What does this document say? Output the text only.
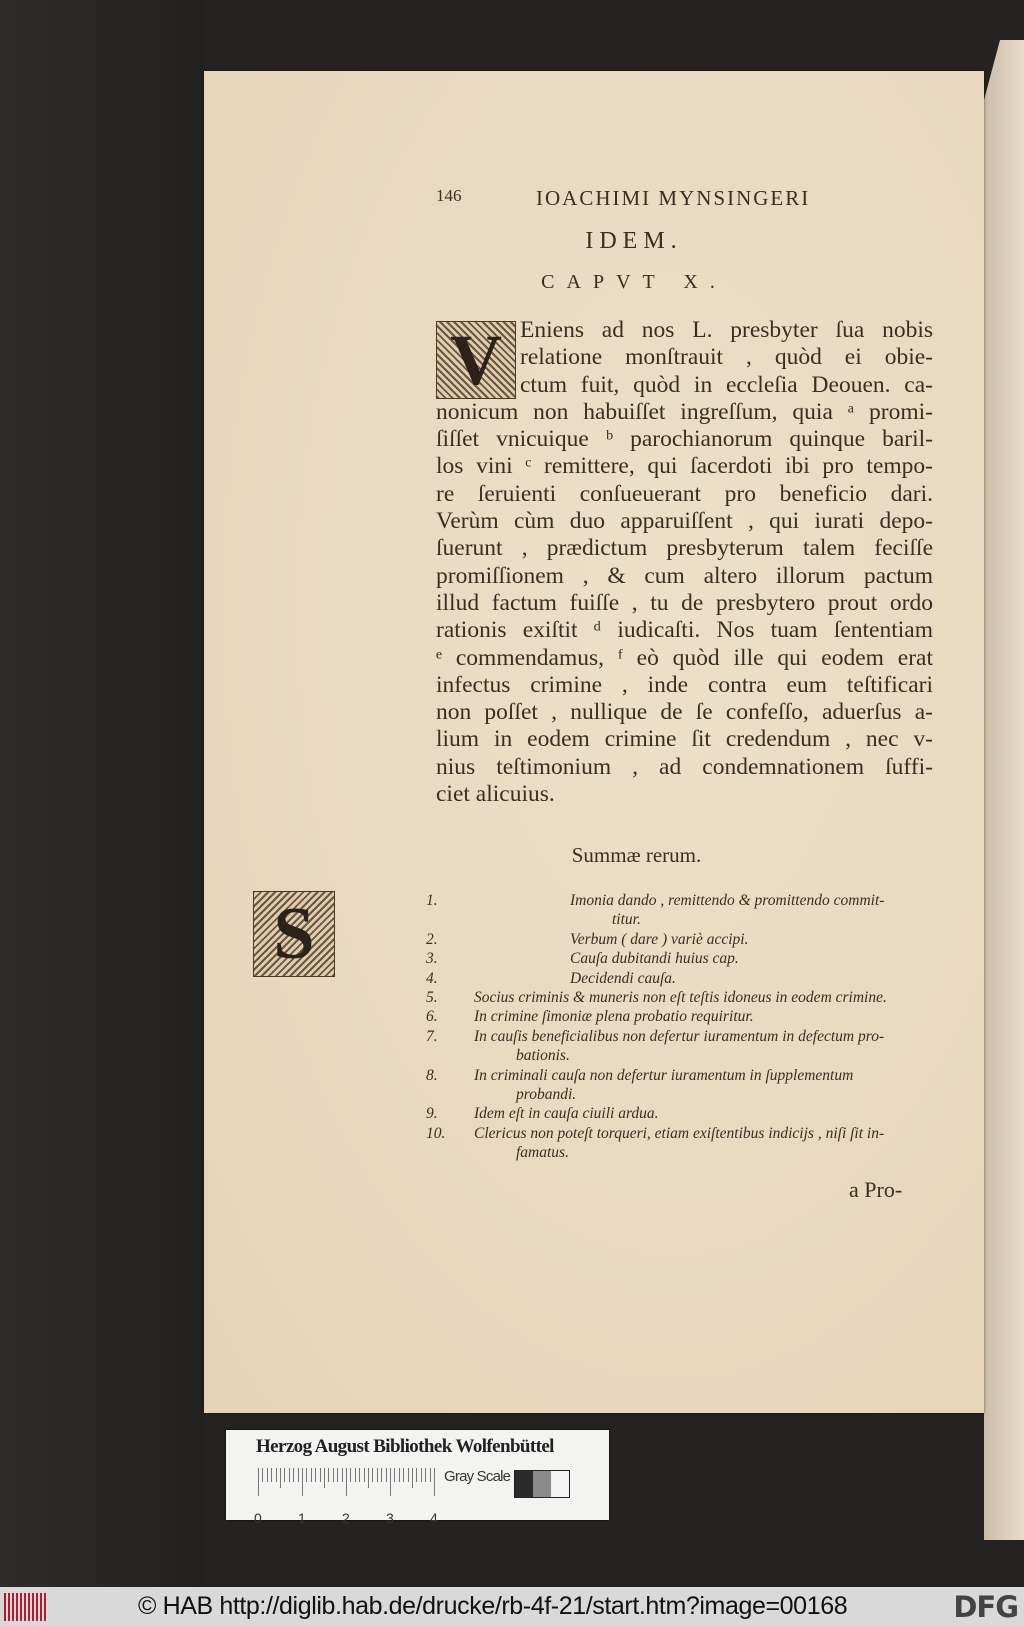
146	IOACHIMI MYNSINGERI
IDEM.
CAPVT X.
V Eniens ad nos L. presbyter ſua nobis
relatione monſtrauit , quòd ei obie-
ctum fuit, quòd in eccleſia Deouen. ca-
nonicum non habuiſſet ingreſſum, quia ᵃ promi-
ſiſſet vnicuique ᵇ parochianorum quinque baril-
los vini ᶜ remittere, qui ſacerdoti ibi pro tempo-
re ſeruienti conſueuerant pro beneficio dari.
Verùm cùm duo apparuiſſent , qui iurati depo-
ſuerunt , prædictum presbyterum talem feciſſe
promiſſionem , & cum altero illorum pactum
illud factum fuiſſe , tu de presbytero prout ordo
rationis exiſtit ᵈ iudicaſti. Nos tuam ſententiam
ᵉ commendamus, ᶠ eò quòd ille qui eodem erat
infectus crimine , inde contra eum teſtificari
non poſſet , nullique de ſe confeſſo, aduerſus a-
lium in eodem crimine ſit credendum , nec v-
nius teſtimonium , ad condemnationem ſuffi-
ciet alicuius.
Summæ rerum.
1.	Imonia dando , remittendo & promittendo commit-
titur.
2.	Verbum ( dare ) variè accipi.
3.	Cauſa dubitandi huius cap.
4.	Decidendi cauſa.
5.	Socius criminis & muneris non eſt teſtis idoneus in eodem crimine.
6.	In crimine ſimoniæ plena probatio requiritur.
7.	In cauſis beneficialibus non defertur iuramentum in defectum pro-
bationis.
8.	In criminali cauſa non defertur iuramentum in ſupplementum
probandi.
9.	Idem eſt in cauſa ciuili ardua.
10.	Clericus non poteſt torqueri, etiam exiſtentibus indicijs , niſi ſit in-
famatus.
a Pro-
S
Herzog August Bibliothek Wolfenbüttel
0	1	2	3	4
Gray Scale
© HAB http://diglib.hab.de/drucke/rb-4f-21/start.htm?image=00168	DFG
